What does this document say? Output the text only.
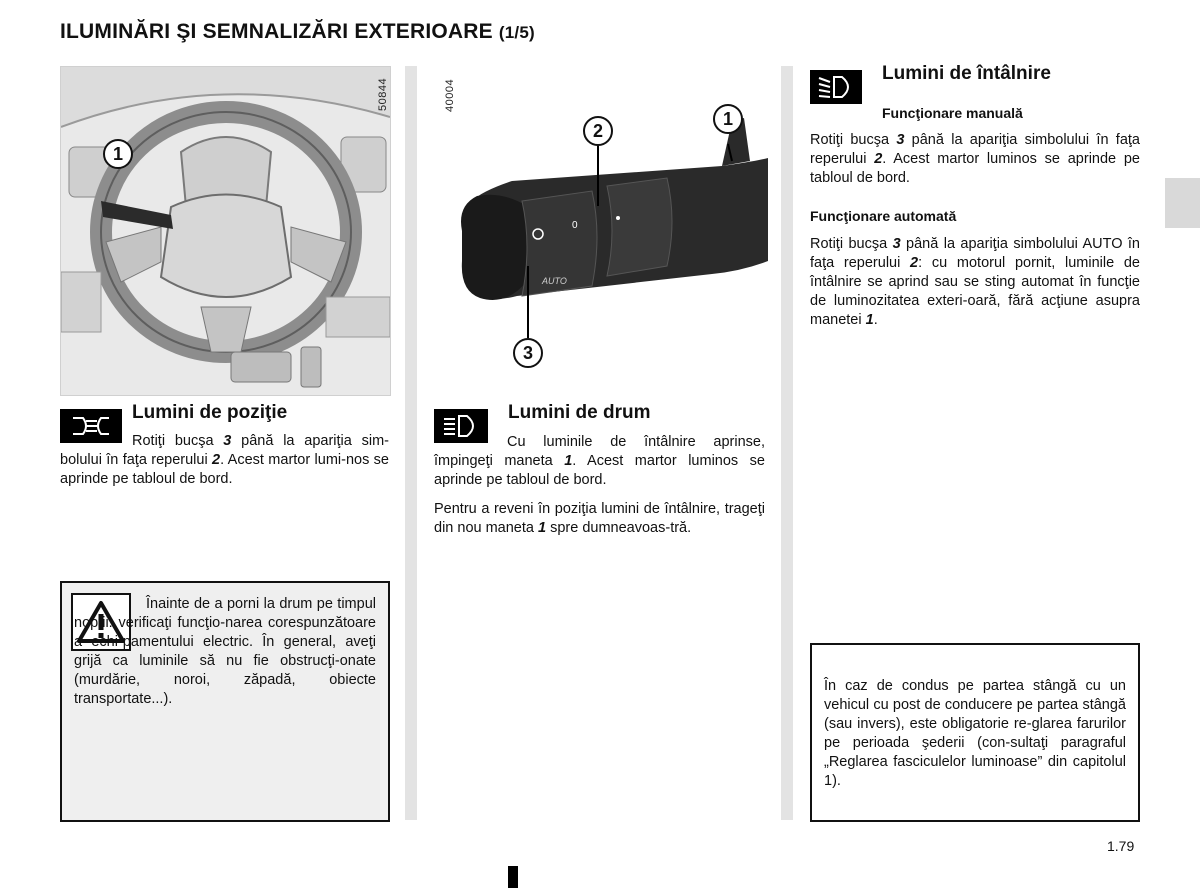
ILUMINĂRI ŞI SEMNALIZĂRI EXTERIOARE (1/5)
1
50844
0
AUTO
1
2
3
40004
Lumini de poziţie
Rotiţi bucşa 3 până la apariţia sim-bolului în faţa reperului 2. Acest martor lumi-nos se aprinde pe tabloul de bord.
Înainte de a porni la drum pe timpul nopţii: verificaţi funcţio-narea corespunzătoare a echi-pamentului electric. În general, aveţi grijă ca luminile să nu fie obstrucţi-onate (murdărie, noroi, zăpadă, obiecte transportate...).
Lumini de drum
Cu luminile de întâlnire aprinse, împingeţi maneta 1. Acest martor luminos se aprinde pe tabloul de bord.
Pentru a reveni în poziţia lumini de întâlnire, trageţi din nou maneta 1 spre dumneavoas-tră.
Lumini de întâlnire
Funcţionare manuală
Rotiţi bucşa 3 până la apariţia simbolului în faţa reperului 2. Acest martor luminos se aprinde pe tabloul de bord.
Funcţionare automată
Rotiţi bucşa 3 până la apariţia simbolului AUTO în faţa reperului 2: cu motorul pornit, luminile de întâlnire se aprind sau se sting automat în funcţie de luminozitatea exteri-oară, fără acţiune asupra manetei 1.
În caz de condus pe partea stângă cu un vehicul cu post de conducere pe partea stângă (sau invers), este obligatorie re-glarea farurilor pe perioada şederii (con-sultaţi paragraful „Reglarea fasciculelor luminoase” din capitolul 1).
1.79
